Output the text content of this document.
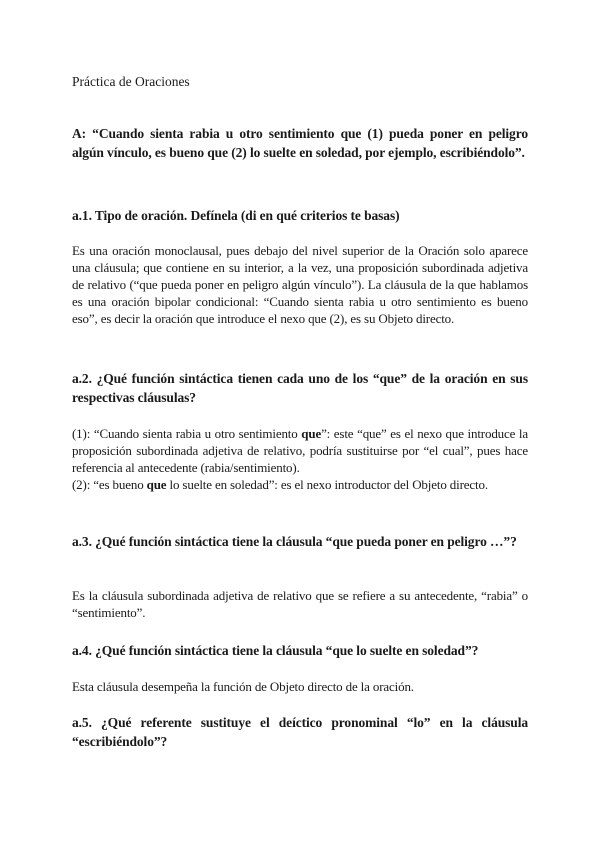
Práctica de Oraciones
A: “Cuando sienta rabia u otro sentimiento que (1) pueda poner en peligro algún vínculo, es bueno que (2) lo suelte en soledad, por ejemplo, escribiéndolo”.
a.1. Tipo de oración. Defínela (di en qué criterios te basas)
Es una oración monoclausal, pues debajo del nivel superior de la Oración solo aparece una cláusula; que contiene en su interior, a la vez, una proposición subordinada adjetiva de relativo (“que pueda poner en peligro algún vínculo”). La cláusula de la que hablamos es una oración bipolar condicional: “Cuando sienta rabia u otro sentimiento es bueno eso”, es decir la oración que introduce el nexo que (2), es su Objeto directo.
a.2. ¿Qué función sintáctica tienen cada uno de los “que” de la oración en sus respectivas cláusulas?

(1): “Cuando sienta rabia u otro sentimiento que”: este “que” es el nexo que introduce la proposición subordinada adjetiva de relativo, podría sustituirse por “el cual”, pues hace referencia al antecedente (rabia/sentimiento).

(2): “es bueno que lo suelte en soledad”: es el nexo introductor del Objeto directo.

a.3. ¿Qué función sintáctica tiene la cláusula “que pueda poner en peligro …”?
Es la cláusula subordinada adjetiva de relativo que se refiere a su antecedente, “rabia” o “sentimiento”.
a.4. ¿Qué función sintáctica tiene la cláusula “que lo suelte en soledad”?
Esta cláusula desempeña la función de Objeto directo de la oración.
a.5. ¿Qué referente sustituye el deíctico pronominal “lo” en la cláusula “escribiéndolo”?
